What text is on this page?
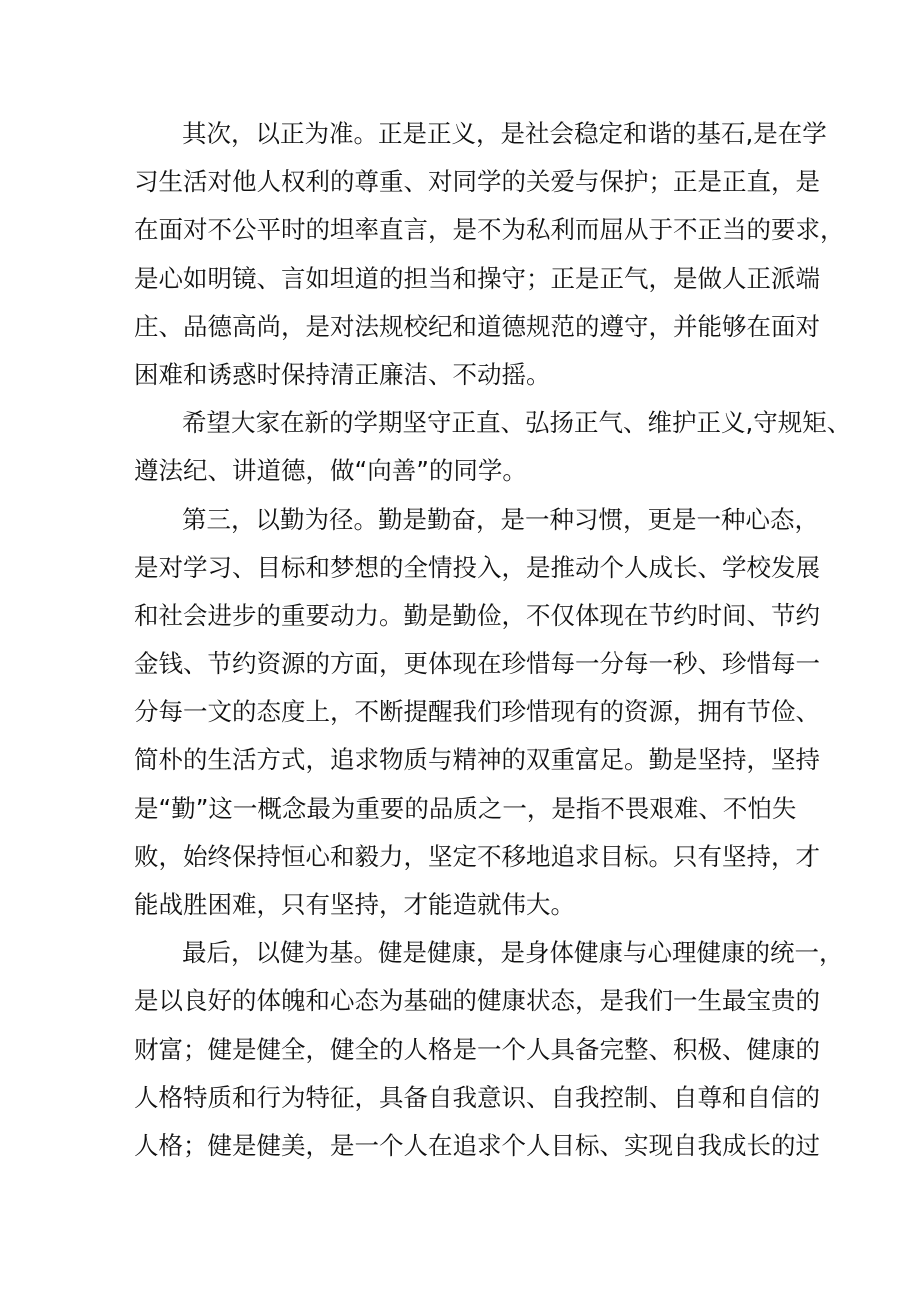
其次，以正为准。正是正义，是社会稳定和谐的基石,是在学
习生活对他人权利的尊重、对同学的关爱与保护；正是正直，是
在面对不公平时的坦率直言，是不为私利而屈从于不正当的要求，
是心如明镜、言如坦道的担当和操守；正是正气，是做人正派端
庄、品德高尚，是对法规校纪和道德规范的遵守，并能够在面对
困难和诱惑时保持清正廉洁、不动摇。
希望大家在新的学期坚守正直、弘扬正气、维护正义,守规矩、
遵法纪、讲道德，做“向善”的同学。
第三，以勤为径。勤是勤奋，是一种习惯，更是一种心态，
是对学习、目标和梦想的全情投入，是推动个人成长、学校发展
和社会进步的重要动力。勤是勤俭，不仅体现在节约时间、节约
金钱、节约资源的方面，更体现在珍惜每一分每一秒、珍惜每一
分每一文的态度上，不断提醒我们珍惜现有的资源，拥有节俭、
简朴的生活方式，追求物质与精神的双重富足。勤是坚持，坚持
是“勤”这一概念最为重要的品质之一，是指不畏艰难、不怕失
败，始终保持恒心和毅力，坚定不移地追求目标。只有坚持，才
能战胜困难，只有坚持，才能造就伟大。
最后，以健为基。健是健康，是身体健康与心理健康的统一，
是以良好的体魄和心态为基础的健康状态，是我们一生最宝贵的
财富；健是健全，健全的人格是一个人具备完整、积极、健康的
人格特质和行为特征，具备自我意识、自我控制、自尊和自信的
人格；健是健美，是一个人在追求个人目标、实现自我成长的过
